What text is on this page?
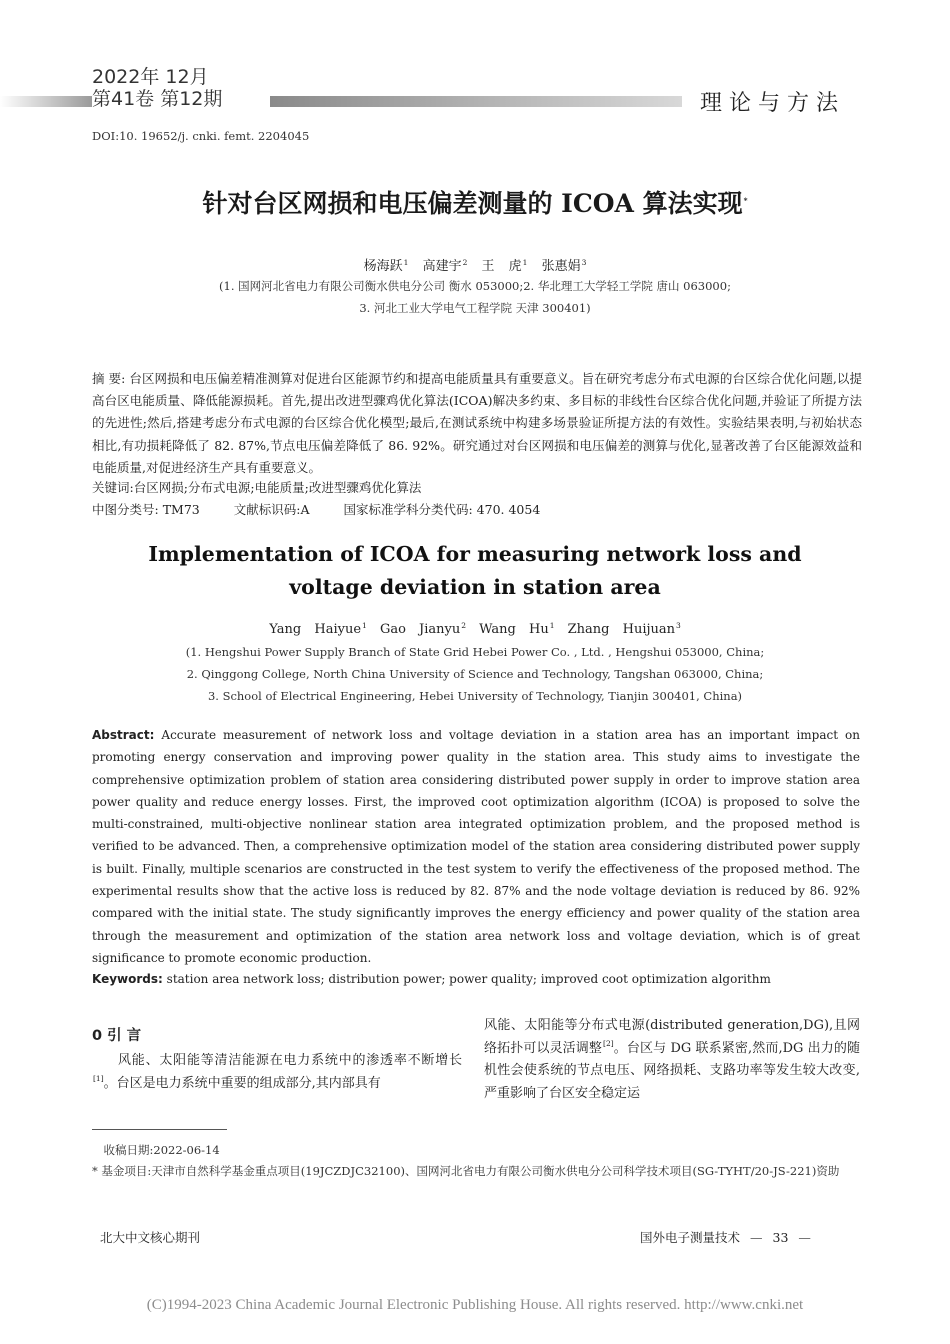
2022年 12月
第41卷 第12期	理论与方法
DOI:10. 19652/j. cnki. femt. 2204045
针对台区网损和电压偏差测量的 ICOA 算法实现*
杨海跃$^1$ 高建宇$^2$ 王 虎$^1$ 张惠娟$^3$
(1. 国网河北省电力有限公司衡水供电分公司 衡水 053000;2. 华北理工大学轻工学院 唐山 063000;
3. 河北工业大学电气工程学院 天津 300401)
摘 要: 台区网损和电压偏差精准测算对促进台区能源节约和提高电能质量具有重要意义。旨在研究考虑分布式电源的台区综合优化问题,以提高台区电能质量、降低能源损耗。首先,提出改进型骤鸡优化算法(ICOA)解决多约束、多目标的非线性台区综合优化问题,并验证了所提方法的先进性;然后,搭建考虑分布式电源的台区综合优化模型;最后,在测试系统中构建多场景验证所提方法的有效性。实验结果表明,与初始状态相比,有功损耗降低了 82. 87%,节点电压偏差降低了 86. 92%。研究通过对台区网损和电压偏差的测算与优化,显著改善了台区能源效益和电能质量,对促进经济生产具有重要意义。
关键词:台区网损;分布式电源;电能质量;改进型骤鸡优化算法
中图分类号: TM73	文献标识码:A	国家标准学科分类代码: 470. 4054
Implementation of ICOA for measuring network loss and
voltage deviation in station area
Yang Haiyue$^1$ Gao Jianyu$^2$ Wang Hu$^1$ Zhang Huijuan$^3$
(1. Hengshui Power Supply Branch of State Grid Hebei Power Co. , Ltd. , Hengshui 053000, China;
2. Qinggong College, North China University of Science and Technology, Tangshan 063000, China;
3. School of Electrical Engineering, Hebei University of Technology, Tianjin 300401, China)
Abstract: Accurate measurement of network loss and voltage deviation in a station area has an important impact on promoting energy conservation and improving power quality in the station area. This study aims to investigate the comprehensive optimization problem of station area considering distributed power supply in order to improve station area power quality and reduce energy losses. First, the improved coot optimization algorithm (ICOA) is proposed to solve the multi-constrained, multi-objective nonlinear station area integrated optimization problem, and the proposed method is verified to be advanced. Then, a comprehensive optimization model of the station area considering distributed power supply is built. Finally, multiple scenarios are constructed in the test system to verify the effectiveness of the proposed method. The experimental results show that the active loss is reduced by 82. 87% and the node voltage deviation is reduced by 86. 92% compared with the initial state. The study significantly improves the energy efficiency and power quality of the station area through the measurement and optimization of the station area network loss and voltage deviation, which is of great significance to promote economic production.
Keywords: station area network loss; distribution power; power quality; improved coot optimization algorithm
0 引 言
风能、太阳能等清洁能源在电力系统中的渗透率不断增长[1]。台区是电力系统中重要的组成部分,其内部具有
风能、太阳能等分布式电源(distributed generation,DG),且网络拓扑可以灵活调整[2]。台区与 DG 联系紧密,然而,DG 出力的随机性会使系统的节点电压、网络损耗、支路功率等发生较大改变,严重影响了台区安全稳定运
收稿日期:2022-06-14
* 基金项目:天津市自然科学基金重点项目(19JCZDJC32100)、国网河北省电力有限公司衡水供电分公司科学技术项目(SG-TYHT/20-JS-221)资助
北大中文核心期刊	国外电子测量技术 — 33 —
(C)1994-2023 China Academic Journal Electronic Publishing House. All rights reserved. http://www.cnki.net
